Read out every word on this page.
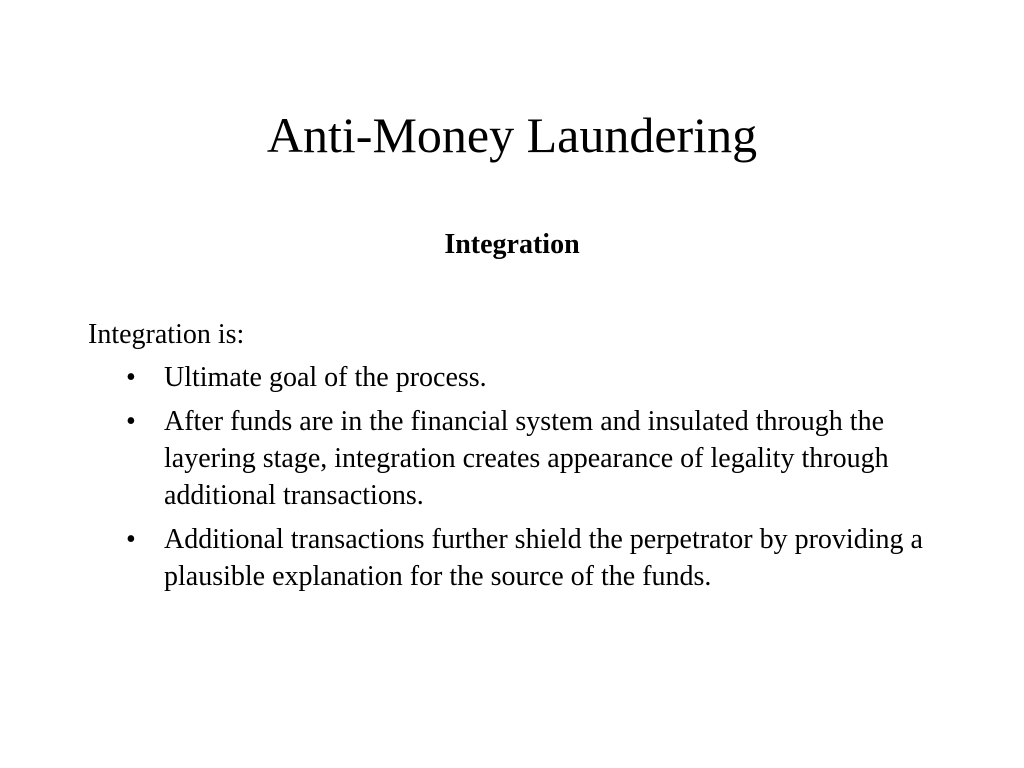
Anti-Money Laundering
Integration

Integration is:

• Ultimate goal of the process.
• After funds are in the financial system and insulated through the layering stage, integration creates appearance of legality through additional transactions.
• Additional transactions further shield the perpetrator by providing a plausible explanation for the source of the funds.
